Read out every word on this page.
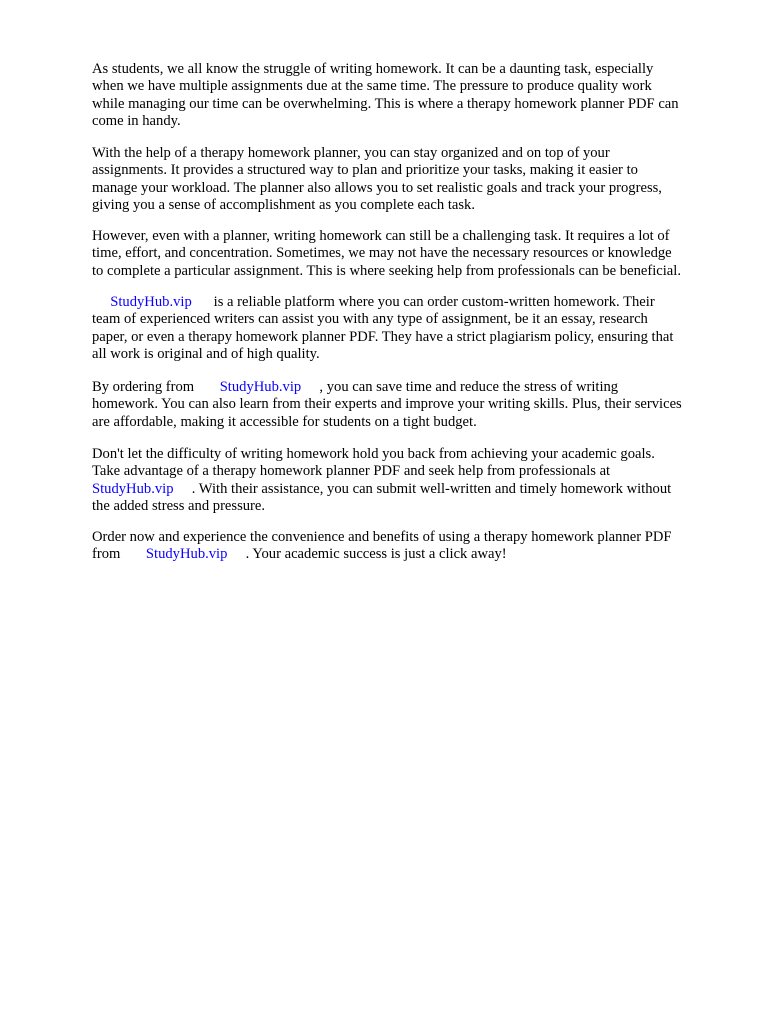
As students, we all know the struggle of writing homework. It can be a daunting task, especially
when we have multiple assignments due at the same time. The pressure to produce quality work
while managing our time can be overwhelming. This is where a therapy homework planner PDF can
come in handy.
With the help of a therapy homework planner, you can stay organized and on top of your
assignments. It provides a structured way to plan and prioritize your tasks, making it easier to
manage your workload. The planner also allows you to set realistic goals and track your progress,
giving you a sense of accomplishment as you complete each task.
However, even with a planner, writing homework can still be a challenging task. It requires a lot of
time, effort, and concentration. Sometimes, we may not have the necessary resources or knowledge
to complete a particular assignment. This is where seeking help from professionals can be beneficial.
StudyHub.vip      is a reliable platform where you can order custom-written homework. Their
team of experienced writers can assist you with any type of assignment, be it an essay, research
paper, or even a therapy homework planner PDF. They have a strict plagiarism policy, ensuring that
all work is original and of high quality.
By ordering from       StudyHub.vip     , you can save time and reduce the stress of writing
homework. You can also learn from their experts and improve your writing skills. Plus, their services
are affordable, making it accessible for students on a tight budget.
Don't let the difficulty of writing homework hold you back from achieving your academic goals.
Take advantage of a therapy homework planner PDF and seek help from professionals at
StudyHub.vip     . With their assistance, you can submit well-written and timely homework without
the added stress and pressure.
Order now and experience the convenience and benefits of using a therapy homework planner PDF
from       StudyHub.vip     . Your academic success is just a click away!
